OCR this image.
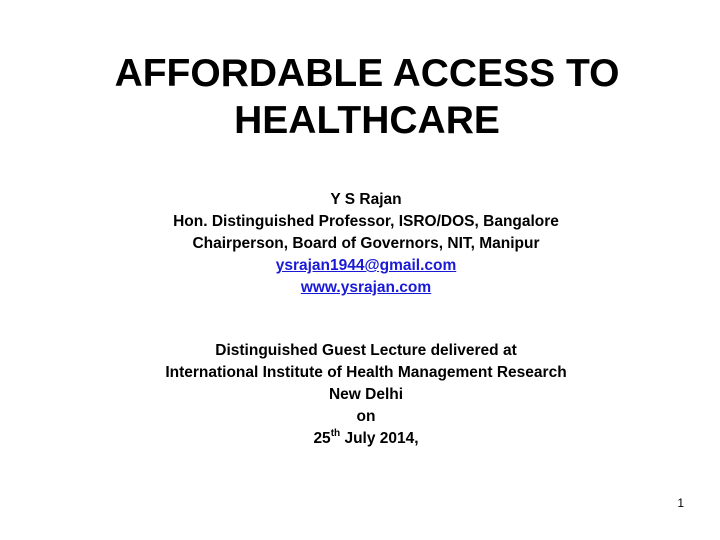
AFFORDABLE ACCESS TO
HEALTHCARE
Y S Rajan
Hon. Distinguished Professor, ISRO/DOS, Bangalore
Chairperson, Board of Governors, NIT, Manipur
ysrajan1944@gmail.com
www.ysrajan.com
Distinguished Guest Lecture delivered at
International Institute of Health Management Research
New Delhi
on
25th July 2014,
1
